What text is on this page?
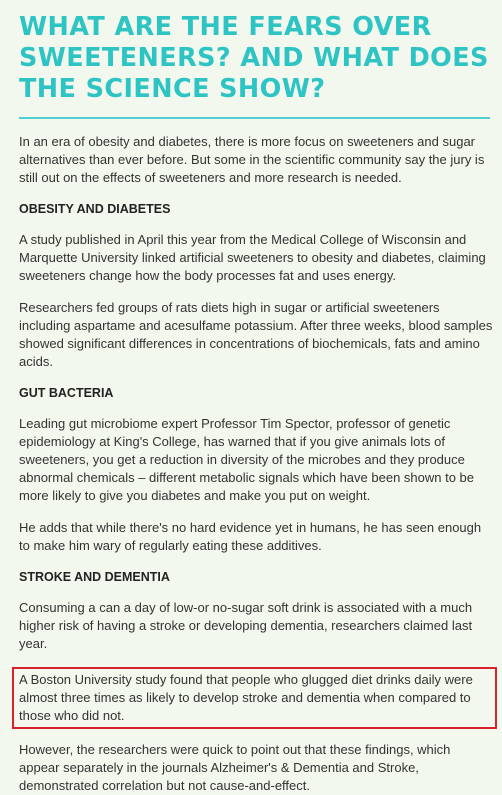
WHAT ARE THE FEARS OVER SWEETENERS? AND WHAT DOES THE SCIENCE SHOW?

In an era of obesity and diabetes, there is more focus on sweeteners and sugar alternatives than ever before. But some in the scientific community say the jury is still out on the effects of sweeteners and more research is needed.

OBESITY AND DIABETES

A study published in April this year from the Medical College of Wisconsin and Marquette University linked artificial sweeteners to obesity and diabetes, claiming sweeteners change how the body processes fat and uses energy.

Researchers fed groups of rats diets high in sugar or artificial sweeteners including aspartame and acesulfame potassium. After three weeks, blood samples showed significant differences in concentrations of biochemicals, fats and amino acids.

GUT BACTERIA

Leading gut microbiome expert Professor Tim Spector, professor of genetic epidemiology at King's College, has warned that if you give animals lots of sweeteners, you get a reduction in diversity of the microbes and they produce abnormal chemicals – different metabolic signals which have been shown to be more likely to give you diabetes and make you put on weight.

He adds that while there's no hard evidence yet in humans, he has seen enough to make him wary of regularly eating these additives.

STROKE AND DEMENTIA

Consuming a can a day of low-or no-sugar soft drink is associated with a much higher risk of having a stroke or developing dementia, researchers claimed last year.

A Boston University study found that people who glugged diet drinks daily were almost three times as likely to develop stroke and dementia when compared to those who did not.

However, the researchers were quick to point out that these findings, which appear separately in the journals Alzheimer's & Dementia and Stroke, demonstrated correlation but not cause-and-effect.
